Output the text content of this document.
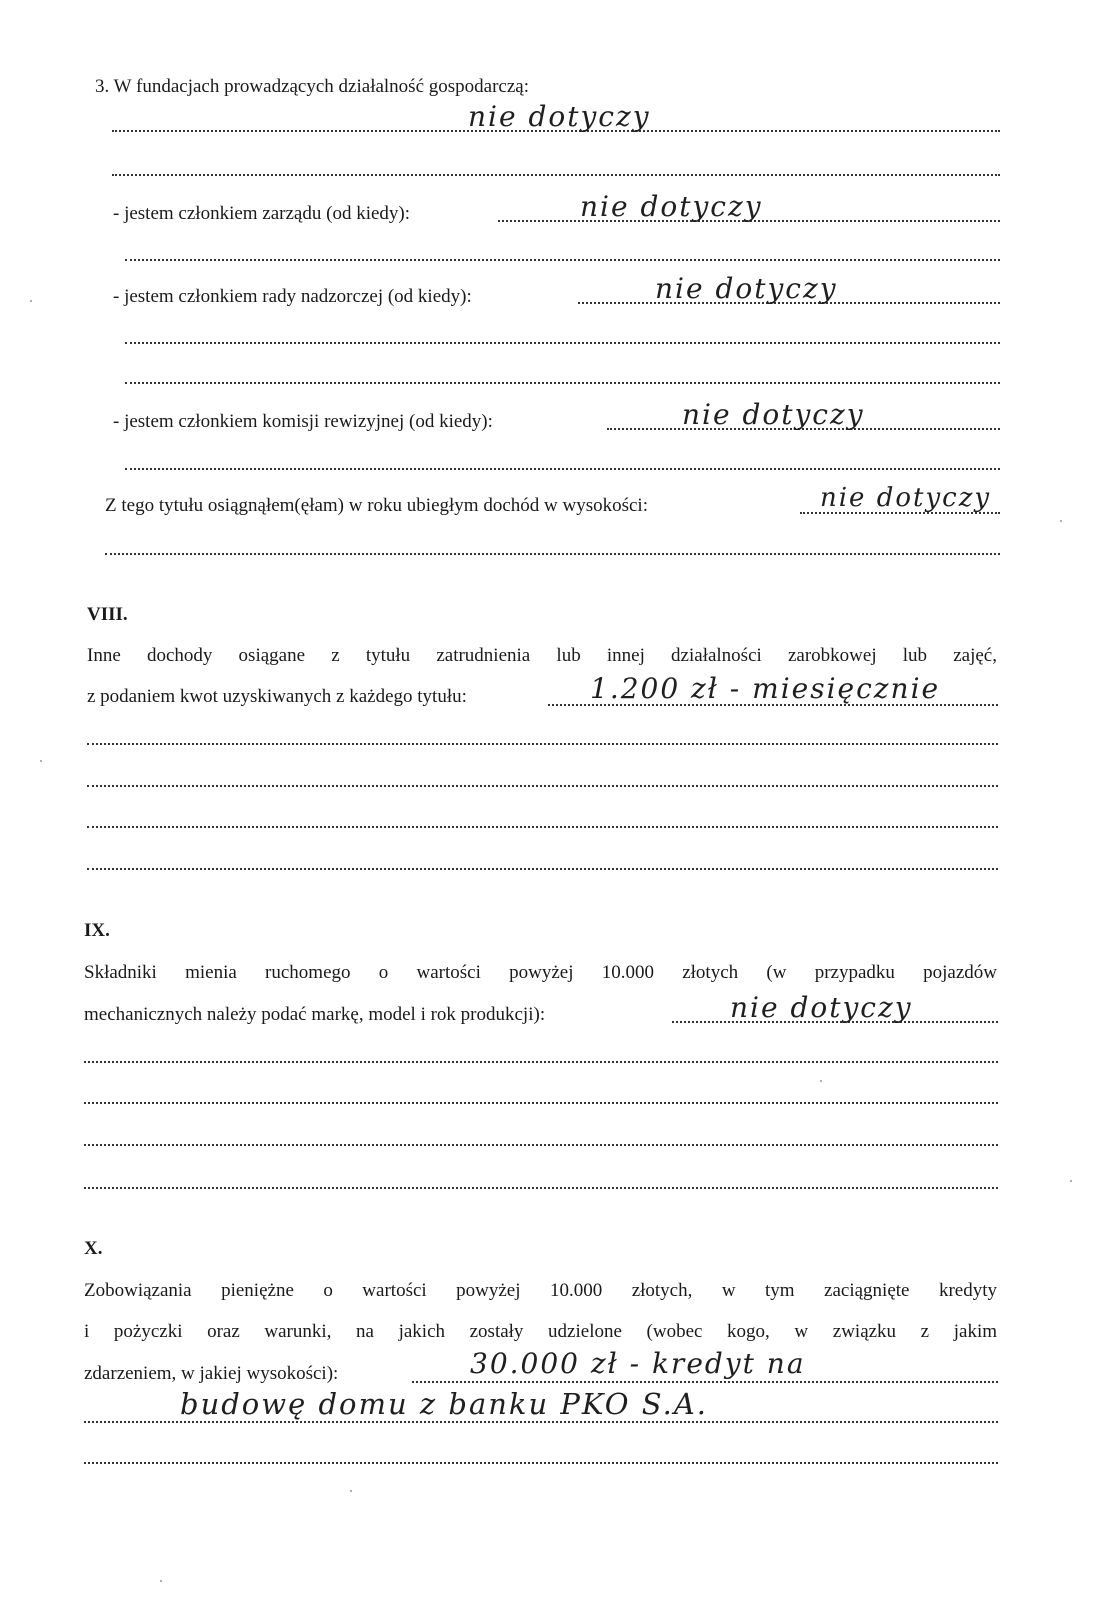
3. W fundacjach prowadzących działalność gospodarczą:
nie dotyczy
- jestem członkiem zarządu (od kiedy):	nie dotyczy
- jestem członkiem rady nadzorczej (od kiedy):	nie dotyczy
- jestem członkiem komisji rewizyjnej (od kiedy):	nie dotyczy
Z tego tytułu osiągnąłem(ęłam) w roku ubiegłym dochód w wysokości:	nie dotyczy
VIII.
Inne dochody osiągane z tytułu zatrudnienia lub innej działalności zarobkowej lub zajęć,
z podaniem kwot uzyskiwanych z każdego tytułu:	1.200 zł - miesięcznie
IX.
Składniki mienia ruchomego o wartości powyżej 10.000 złotych (w przypadku pojazdów
mechanicznych należy podać markę, model i rok produkcji):	nie dotyczy
X.
Zobowiązania pieniężne o wartości powyżej 10.000 złotych, w tym zaciągnięte kredyty
i pożyczki oraz warunki, na jakich zostały udzielone (wobec kogo, w związku z jakim
zdarzeniem, w jakiej wysokości):	30.000 zł - kredyt na
budowę domu z banku PKO S.A.
